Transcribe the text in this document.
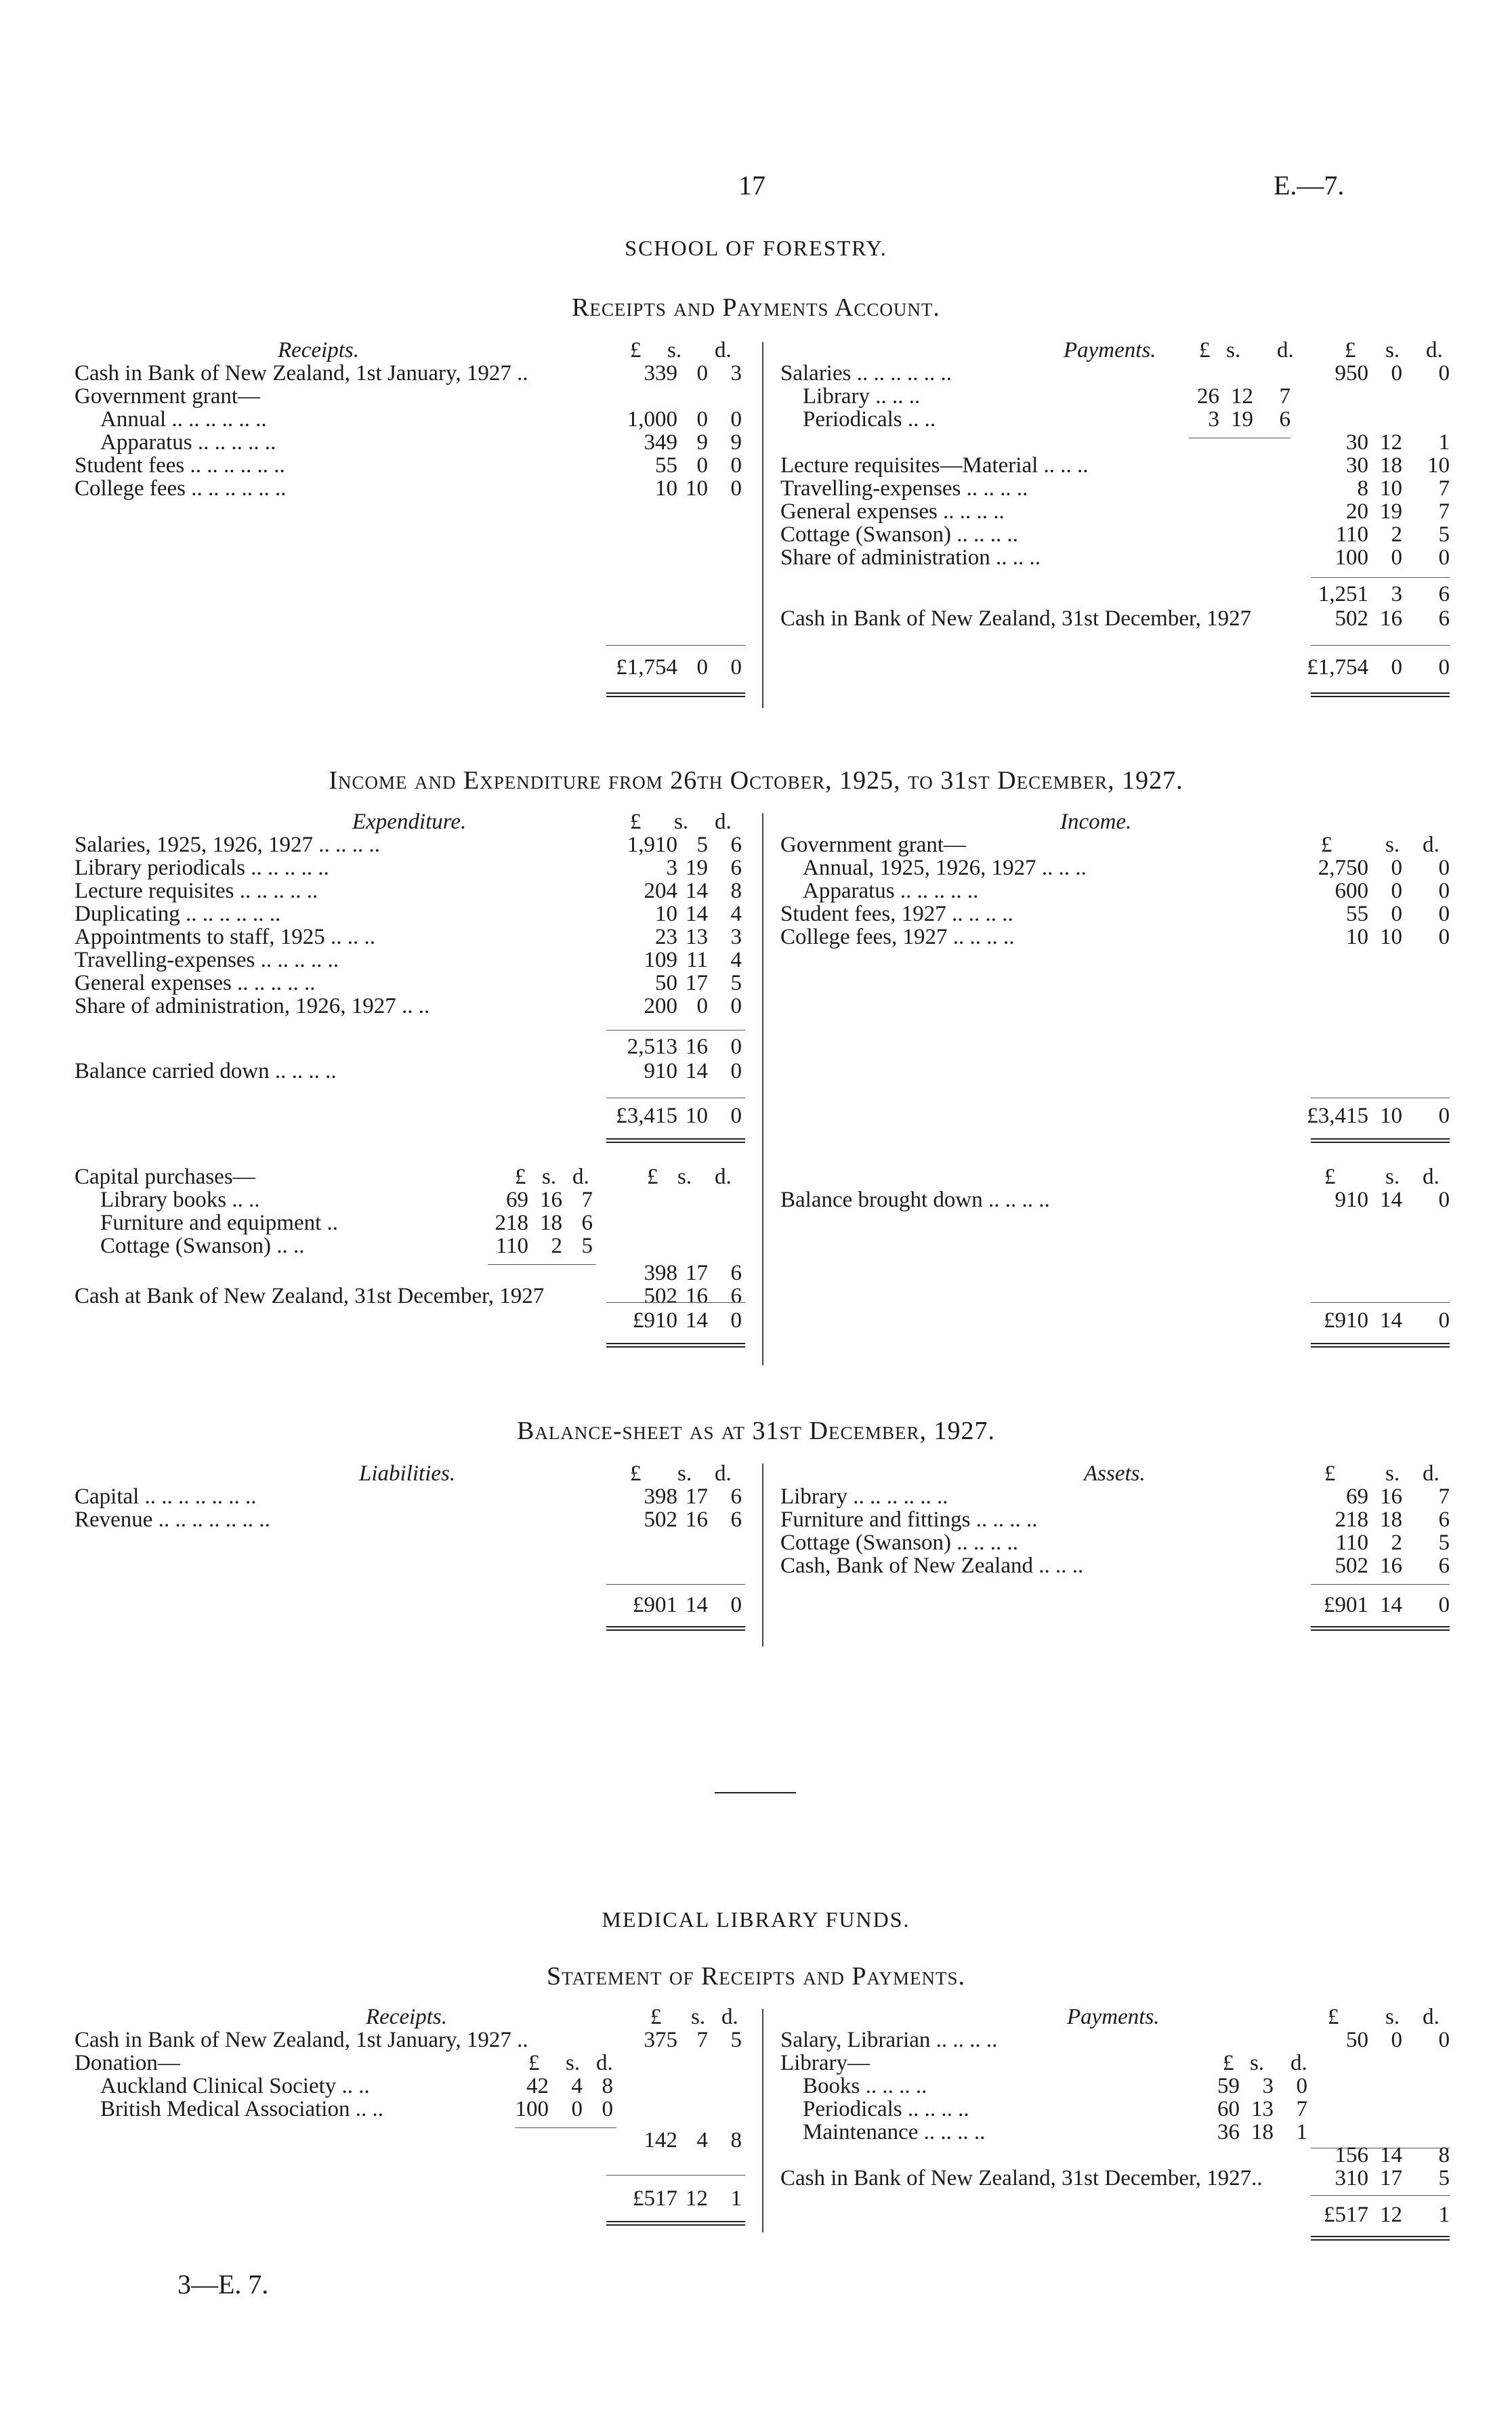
17	E.—7.
SCHOOL OF FORESTRY.
Receipts and Payments Account.
Receipts.	£ s. d.
Cash in Bank of New Zealand, 1st January, 1927 ..	339 0	3
Government grant—
Annual .. .. .. .. .. ..	1,000 0	0
Apparatus .. .. .. .. ..	349 9	9
Student fees .. .. .. .. .. ..	55 0	0
College fees .. .. .. .. .. ..	10 10	0
£1,754 0	0
Payments. £ s. d. £ s. d.
Salaries .. .. .. .. .. ..	950	0	0
Library .. .. ..	26 12	7
Periodicals .. ..	3 19	6
30 12	1
Lecture requisites—Material .. .. ..	30 18	10
Travelling-expenses .. .. .. ..	8 10	7
General expenses .. .. .. ..	20 19	7
Cottage (Swanson) .. .. .. ..	110	2	5
Share of administration .. .. ..	100	0	0
1,251	3	6
Cash in Bank of New Zealand, 31st December, 1927	502 16	6
£1,754	0	0
Income and Expenditure from 26th October, 1925, to 31st December, 1927.
Expenditure.	£ s. d.
Salaries, 1925, 1926, 1927 .. .. .. ..	1,910 5	6
Library periodicals .. .. .. .. ..	3 19	6
Lecture requisites .. .. .. .. ..	204 14	8
Duplicating .. .. .. .. .. ..	10 14	4
Appointments to staff, 1925 .. .. ..	23 13	3
Travelling-expenses .. .. .. .. ..	109 11	4
General expenses .. .. .. .. ..	50 17	5
Share of administration, 1926, 1927 .. ..	200 0	0
2,513 16	0
Balance carried down .. .. .. ..	910 14	0
£3,415 10	0
Income.
£ s. d.
Government grant—
Annual, 1925, 1926, 1927 .. .. ..	2,750	0	0
Apparatus .. .. .. .. ..	600	0	0
Student fees, 1927 .. .. .. ..	55	0	0
College fees, 1927 .. .. .. ..	10 10	0
£3,415 10	0
Capital purchases—	£ s. d.	£ s. d.
Library books .. ..	69 16 7
Furniture and equipment ..	218 18 6
Cottage (Swanson) .. ..	110	2 5
398 17	6
Cash at Bank of New Zealand, 31st December, 1927	502 16	6
£910 14	0
£ s. d.
Balance brought down .. .. .. ..	910 14	0
£910 14	0
Balance-sheet as at 31st December, 1927.
Liabilities.	£ s. d.
Capital .. .. .. .. .. .. ..	398 17	6
Revenue .. .. .. .. .. .. ..	502 16	6
£901 14	0
Assets.	£ s. d.
Library .. .. .. .. .. ..	69 16	7
Furniture and fittings .. .. .. ..	218 18	6
Cottage (Swanson) .. .. .. ..	110	2	5
Cash, Bank of New Zealand .. .. ..	502 16	6
£901 14	0
MEDICAL LIBRARY FUNDS.
Statement of Receipts and Payments.
Receipts.	£ s. d.
Cash in Bank of New Zealand, 1st January, 1927 ..	375 7	5
Donation—	£ s. d.
Auckland Clinical Society .. ..	42	4 8
British Medical Association .. ..	100	0 0
142 4	8
£517 12	1
Payments.	£ s. d.
Salary, Librarian .. .. .. ..	50	0	0
Library—	£ s. d.
Books .. .. .. ..	59	3	0
Periodicals .. .. .. ..	60 13	7
Maintenance .. .. .. ..	36 18	1
156 14	8
Cash in Bank of New Zealand, 31st December, 1927..	310 17	5
£517 12	1
3—E. 7.
